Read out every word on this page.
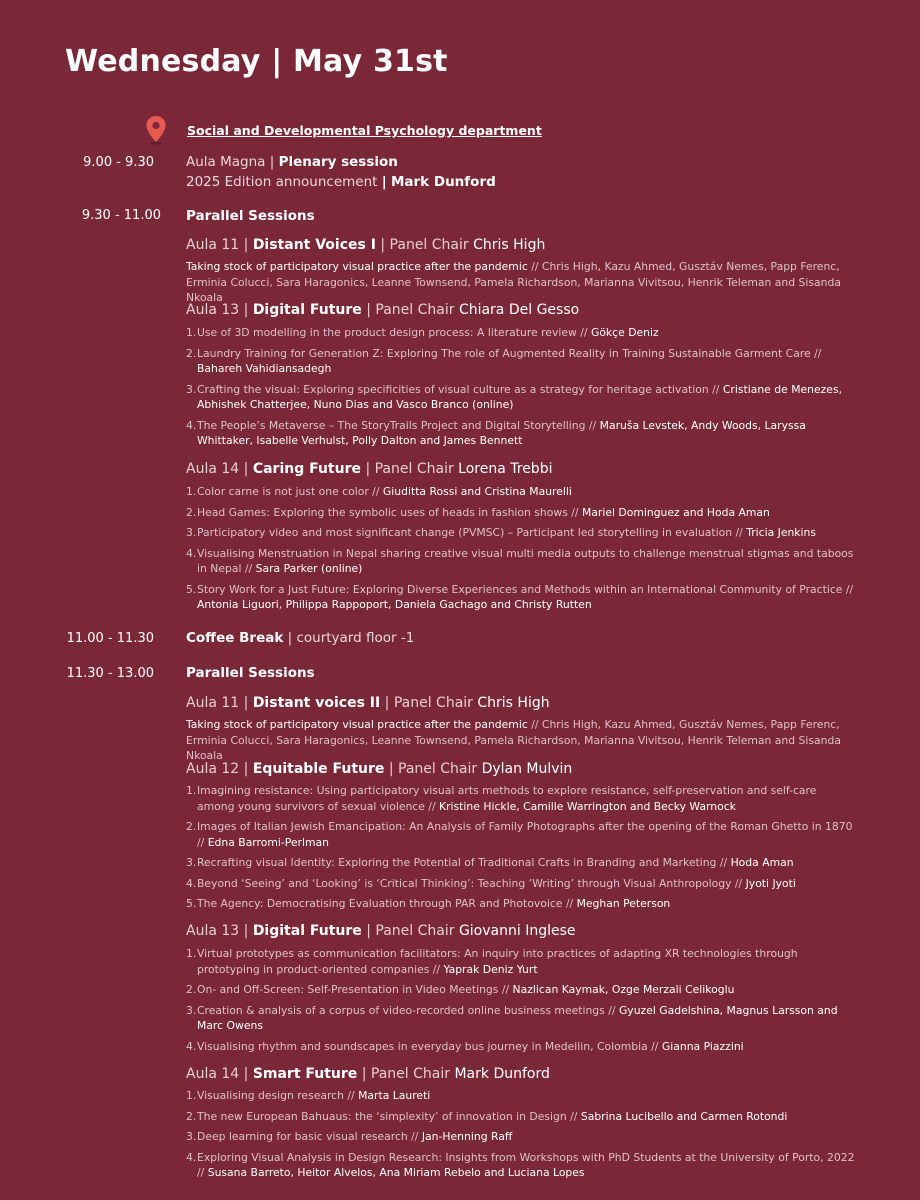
Wednesday | May 31st
Social and Developmental Psychology department
9.00 - 9.30 Aula Magna | Plenary session
2025 Edition announcement | Mark Dunford
9.30 - 11.00 Parallel Sessions
Aula 11 | Distant Voices I | Panel Chair Chris High
Taking stock of participatory visual practice after the pandemic // Chris High, Kazu Ahmed, Gusztáv Nemes, Papp Ferenc, Erminia Colucci, Sara Haragonics, Leanne Townsend, Pamela Richardson, Marianna Vivitsou, Henrik Teleman and Sisanda Nkoala
Aula 13 | Digital Future | Panel Chair Chiara Del Gesso
1. Use of 3D modelling in the product design process: A literature review // Gökçe Deniz
2. Laundry Training for Generation Z: Exploring The role of Augmented Reality in Training Sustainable Garment Care // Bahareh Vahidiansadegh
3. Crafting the visual: Exploring specificities of visual culture as a strategy for heritage activation // Cristiane de Menezes, Abhishek Chatterjee, Nuno Dias and Vasco Branco (online)
4. The People’s Metaverse – The StoryTrails Project and Digital Storytelling // Maruša Levstek, Andy Woods, Laryssa Whittaker, Isabelle Verhulst, Polly Dalton and James Bennett
Aula 14 | Caring Future | Panel Chair Lorena Trebbi
1. Color carne is not just one color // Giuditta Rossi and Cristina Maurelli
2. Head Games: Exploring the symbolic uses of heads in fashion shows // Mariel Dominguez and Hoda Aman
3. Participatory video and most significant change (PVMSC) – Participant led storytelling in evaluation // Tricia Jenkins
4. Visualising Menstruation in Nepal sharing creative visual multi media outputs to challenge menstrual stigmas and taboos in Nepal // Sara Parker (online)
5. Story Work for a Just Future: Exploring Diverse Experiences and Methods within an International Community of Practice // Antonia Liguori, Philippa Rappoport, Daniela Gachago and Christy Rutten
11.00 - 11.30 Coffee Break | courtyard floor -1
11.30 - 13.00 Parallel Sessions
Aula 11 | Distant voices II | Panel Chair Chris High
Taking stock of participatory visual practice after the pandemic // Chris High, Kazu Ahmed, Gusztáv Nemes, Papp Ferenc, Erminia Colucci, Sara Haragonics, Leanne Townsend, Pamela Richardson, Marianna Vivitsou, Henrik Teleman and Sisanda Nkoala
Aula 12 | Equitable Future | Panel Chair Dylan Mulvin
1. Imagining resistance: Using participatory visual arts methods to explore resistance, self-preservation and self-care among young survivors of sexual violence // Kristine Hickle, Camille Warrington and Becky Warnock
2. Images of Italian Jewish Emancipation: An Analysis of Family Photographs after the opening of the Roman Ghetto in 1870 // Edna Barromi-Perlman
3. Recrafting visual Identity: Exploring the Potential of Traditional Crafts in Branding and Marketing // Hoda Aman
4. Beyond ‘Seeing’ and ‘Looking’ is ‘Critical Thinking’: Teaching ‘Writing’ through Visual Anthropology // Jyoti Jyoti
5. The Agency: Democratising Evaluation through PAR and Photovoice // Meghan Peterson
Aula 13 | Digital Future | Panel Chair Giovanni Inglese
1. Virtual prototypes as communication facilitators: An inquiry into practices of adapting XR technologies through prototyping in product-oriented companies // Yaprak Deniz Yurt
2. On- and Off-Screen: Self-Presentation in Video Meetings // Nazlican Kaymak, Ozge Merzali Celikoglu
3. Creation & analysis of a corpus of video-recorded online business meetings // Gyuzel Gadelshina, Magnus Larsson and Marc Owens
4. Visualising rhythm and soundscapes in everyday bus journey in Medellin, Colombia // Gianna Piazzini
Aula 14 | Smart Future | Panel Chair Mark Dunford
1. Visualising design research // Marta Laureti
2. The new European Bahuaus: the ‘simplexity’ of innovation in Design // Sabrina Lucibello and Carmen Rotondi
3. Deep learning for basic visual research // Jan-Henning Raff
4. Exploring Visual Analysis in Design Research: Insights from Workshops with PhD Students at the University of Porto, 2022 // Susana Barreto, Heitor Alvelos, Ana Miriam Rebelo and Luciana Lopes
